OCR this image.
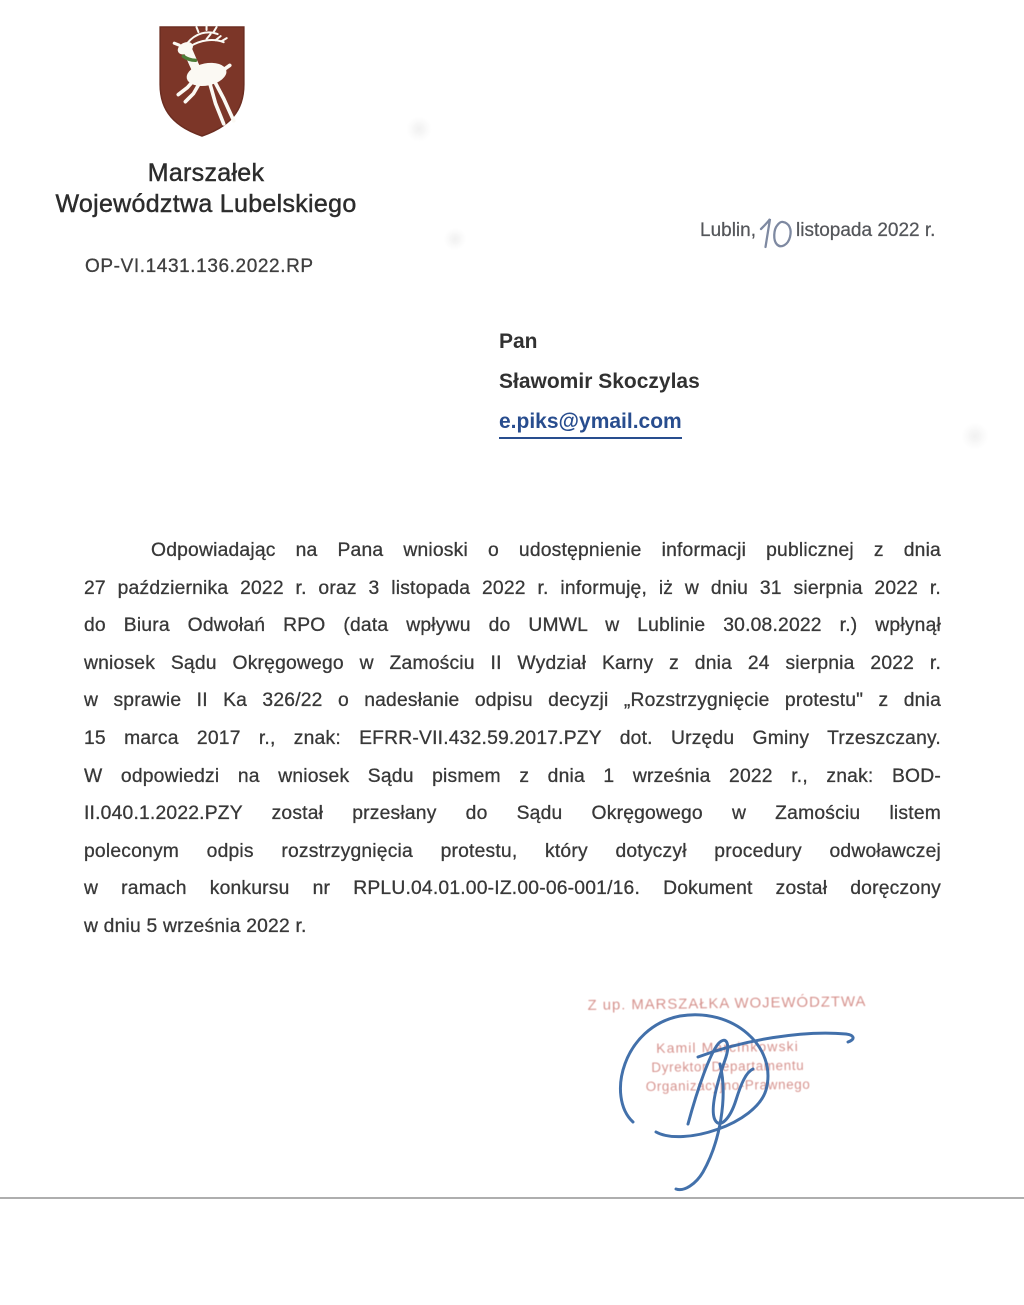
Marszałek
Województwa Lubelskiego
OP-VI.1431.136.2022.RP
Lublin, listopada 2022 r.
Pan
Sławomir Skoczylas
e.piks@ymail.com
Odpowiadając na Pana wnioski o udostępnienie informacji publicznej z dnia
27 października 2022 r. oraz 3 listopada 2022 r. informuję, iż w dniu 31 sierpnia 2022 r.
do Biura Odwołań RPO (data wpływu do UMWL w Lublinie 30.08.2022 r.) wpłynął
wniosek Sądu Okręgowego w Zamościu II Wydział Karny z dnia 24 sierpnia 2022 r.
w sprawie II Ka 326/22 o nadesłanie odpisu decyzji „Rozstrzygnięcie protestu" z dnia
15 marca 2017 r., znak: EFRR-VII.432.59.2017.PZY dot. Urzędu Gminy Trzeszczany.
W odpowiedzi na wniosek Sądu pismem z dnia 1 września 2022 r., znak: BOD-
II.040.1.2022.PZY został przesłany do Sądu Okręgowego w Zamościu listem
poleconym odpis rozstrzygnięcia protestu, który dotyczył procedury odwoławczej
w ramach konkursu nr RPLU.04.01.00-IZ.00-06-001/16. Dokument został doręczony
w dniu 5 września 2022 r.
Z up. MARSZAŁKA WOJEWÓDZTWA
Kamil Marcinkowski
Dyrektor Departamentu
Organizacyjno-Prawnego
